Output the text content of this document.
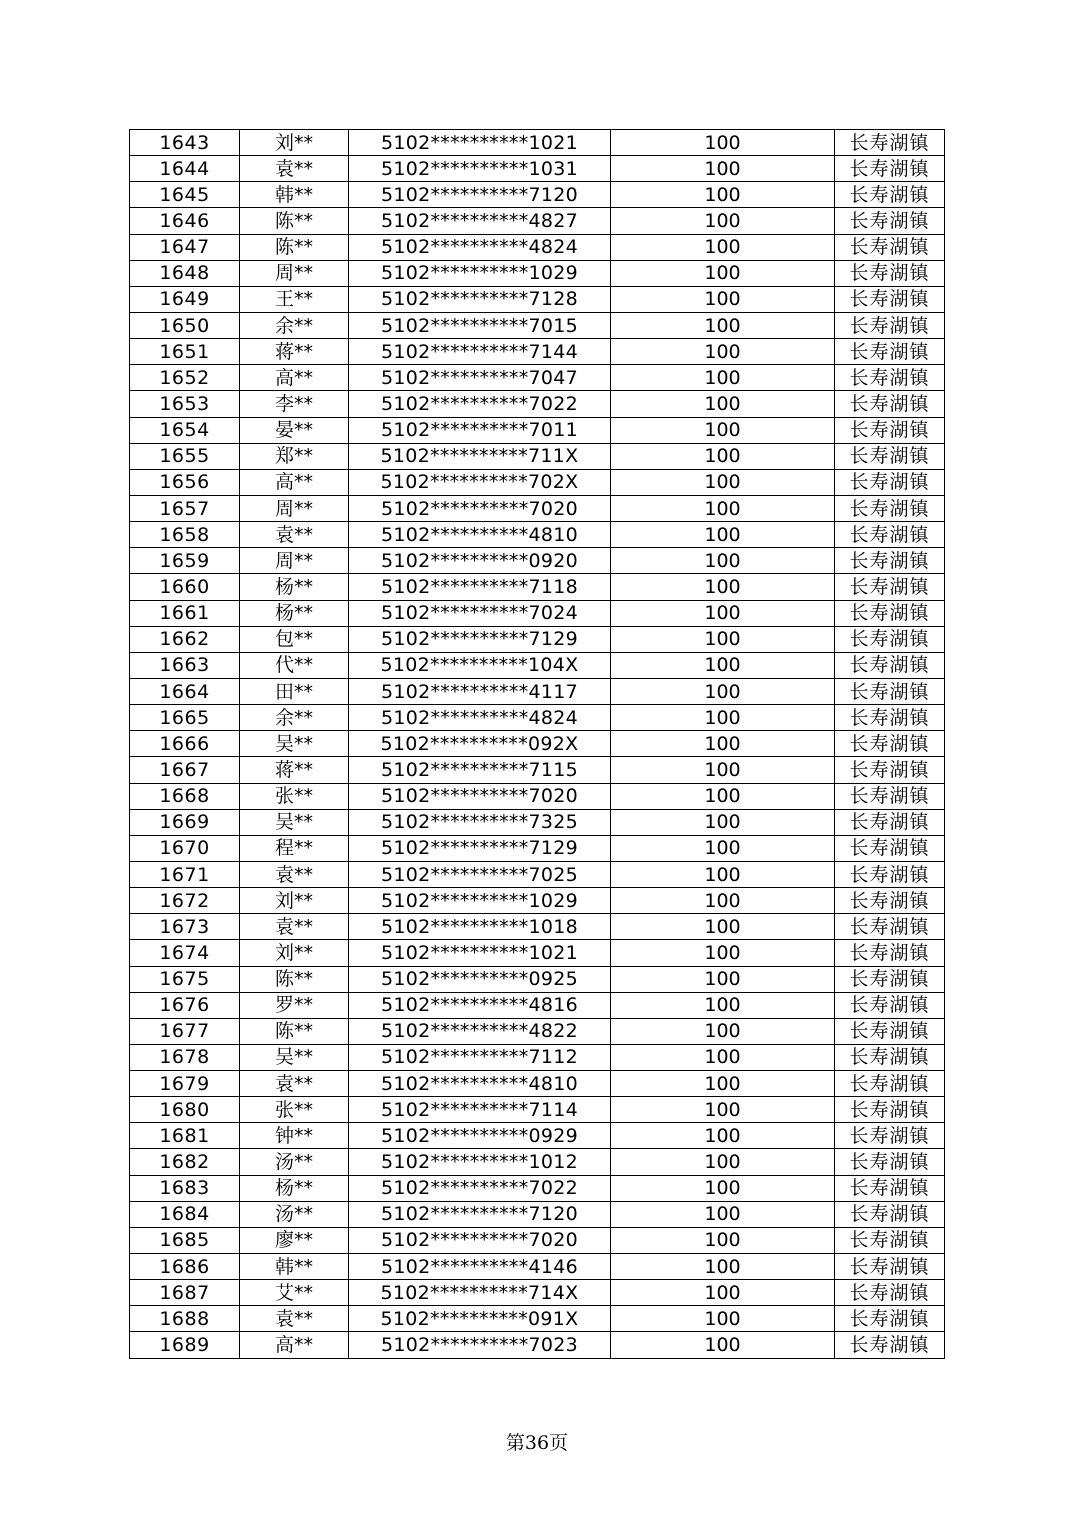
1643	刘**	5102**********1021	100	长寿湖镇
1644	袁**	5102**********1031	100	长寿湖镇
1645	韩**	5102**********7120	100	长寿湖镇
1646	陈**	5102**********4827	100	长寿湖镇
1647	陈**	5102**********4824	100	长寿湖镇
1648	周**	5102**********1029	100	长寿湖镇
1649	王**	5102**********7128	100	长寿湖镇
1650	余**	5102**********7015	100	长寿湖镇
1651	蒋**	5102**********7144	100	长寿湖镇
1652	高**	5102**********7047	100	长寿湖镇
1653	李**	5102**********7022	100	长寿湖镇
1654	晏**	5102**********7011	100	长寿湖镇
1655	郑**	5102**********711X	100	长寿湖镇
1656	高**	5102**********702X	100	长寿湖镇
1657	周**	5102**********7020	100	长寿湖镇
1658	袁**	5102**********4810	100	长寿湖镇
1659	周**	5102**********0920	100	长寿湖镇
1660	杨**	5102**********7118	100	长寿湖镇
1661	杨**	5102**********7024	100	长寿湖镇
1662	包**	5102**********7129	100	长寿湖镇
1663	代**	5102**********104X	100	长寿湖镇
1664	田**	5102**********4117	100	长寿湖镇
1665	余**	5102**********4824	100	长寿湖镇
1666	吴**	5102**********092X	100	长寿湖镇
1667	蒋**	5102**********7115	100	长寿湖镇
1668	张**	5102**********7020	100	长寿湖镇
1669	吴**	5102**********7325	100	长寿湖镇
1670	程**	5102**********7129	100	长寿湖镇
1671	袁**	5102**********7025	100	长寿湖镇
1672	刘**	5102**********1029	100	长寿湖镇
1673	袁**	5102**********1018	100	长寿湖镇
1674	刘**	5102**********1021	100	长寿湖镇
1675	陈**	5102**********0925	100	长寿湖镇
1676	罗**	5102**********4816	100	长寿湖镇
1677	陈**	5102**********4822	100	长寿湖镇
1678	吴**	5102**********7112	100	长寿湖镇
1679	袁**	5102**********4810	100	长寿湖镇
1680	张**	5102**********7114	100	长寿湖镇
1681	钟**	5102**********0929	100	长寿湖镇
1682	汤**	5102**********1012	100	长寿湖镇
1683	杨**	5102**********7022	100	长寿湖镇
1684	汤**	5102**********7120	100	长寿湖镇
1685	廖**	5102**********7020	100	长寿湖镇
1686	韩**	5102**********4146	100	长寿湖镇
1687	艾**	5102**********714X	100	长寿湖镇
1688	袁**	5102**********091X	100	长寿湖镇
1689	高**	5102**********7023	100	长寿湖镇
第36页
